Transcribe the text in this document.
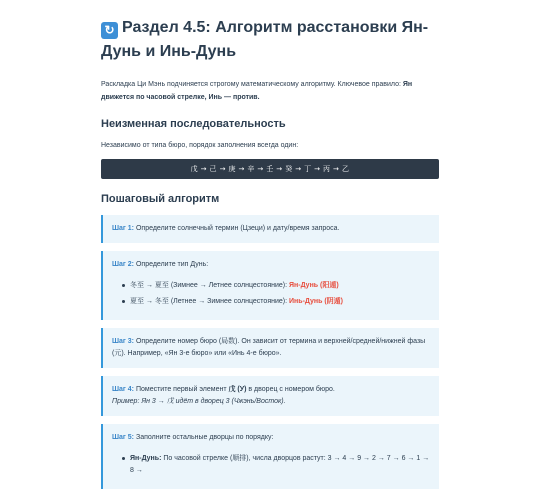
↻ Раздел 4.5: Алгоритм расстановки Ян-Дунь и Инь-Дунь

Раскладка Ци Мэнь подчиняется строгому математическому алгоритму. Ключевое правило: Ян движется по часовой стрелке, Инь — против.

Неизменная последовательность

Независимо от типа бюро, порядок заполнения всегда один:

戊 → 己 → 庚 → 辛 → 壬 → 癸 → 丁 → 丙 → 乙
Пошаговый алгоритм
Шаг 1: Определите солнечный термин (Цзеци) и дату/время запроса.
Шаг 2: Определите тип Дунь:
冬至 → 夏至 (Зимнее → Летнее солнцестояние): Ян-Дунь (阳遁)
夏至 → 冬至 (Летнее → Зимнее солнцестояние): Инь-Дунь (阴遁)
Шаг 3: Определите номер бюро (局数). Он зависит от термина и верхней/средней/нижней фазы (元). Например, «Ян 3-е бюро» или «Инь 4-е бюро».
Шаг 4: Поместите первый элемент 戊 (У) в дворец с номером бюро.
Пример: Ян 3 → 戊 идёт в дворец 3 (Чжэнь/Восток).
Шаг 5: Заполните остальные дворцы по порядку:
Ян-Дунь: По часовой стрелке (顺排), числа дворцов растут: 3 → 4 → 9 → 2 → 7 → 6 → 1 → 8 →
